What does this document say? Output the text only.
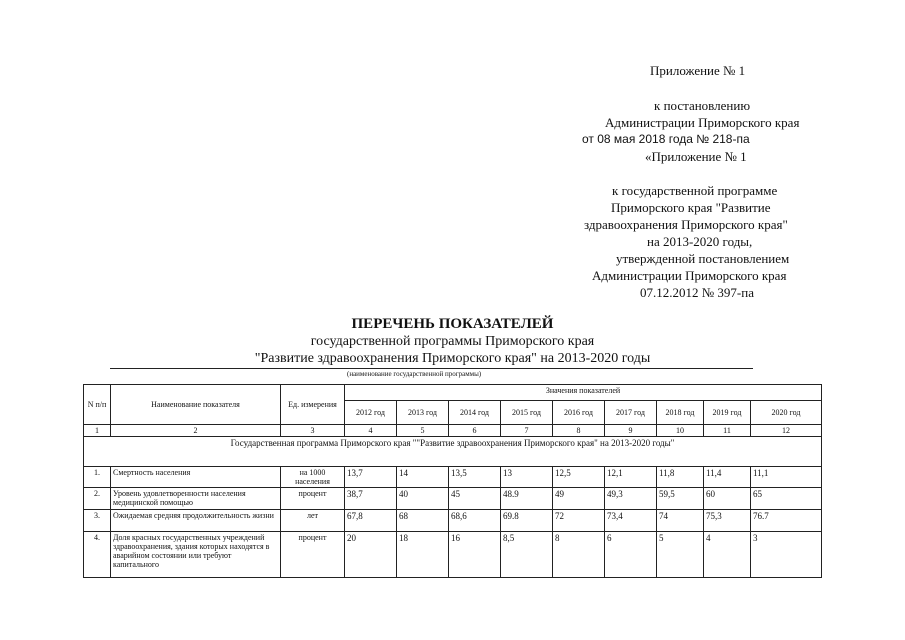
Приложение № 1
к постановлению
Администрации Приморского края
от 08 мая 2018 года № 218-па
«Приложение № 1
к государственной программе
Приморского края "Развитие
здравоохранения Приморского края"
на 2013-2020 годы,
утвержденной постановлением
Администрации Приморского края
07.12.2012 № 397-па
ПЕРЕЧЕНЬ ПОКАЗАТЕЛЕЙ
государственной программы Приморского края
"Развитие здравоохранения Приморского края" на 2013-2020 годы
(наименование государственной программы)
N п/п	Наименование показателя	Ед. измерения	Значения показателей								
			2012 год	2013 год	2014 год	2015 год	2016 год	2017 год	2018 год	2019 год	2020 год
1	2	3	4	5	6	7	8	9	10	11	12
Государственная программа Приморского края ""Развитие здравоохранения Приморского края" на 2013-2020 годы"											
1.	Смертность населения	на 1000 населения	13,7	14	13,5	13	12,5	12,1	11,8	11,4	11,1
2.	Уровень удовлетворенности населения медицинской помощью	процент	38,7	40	45	48.9	49	49,3	59,5	60	65
3.	Ожидаемая средняя продолжительность жизни	лет	67,8	68	68,6	69.8	72	73,4	74	75,3	76.7
4.	Доля красных государственных учреждений здравоохранения, здания которых находятся в аварийном состоянии или требуют капитального	процент	20	18	16	8,5	8	6	5	4	3
